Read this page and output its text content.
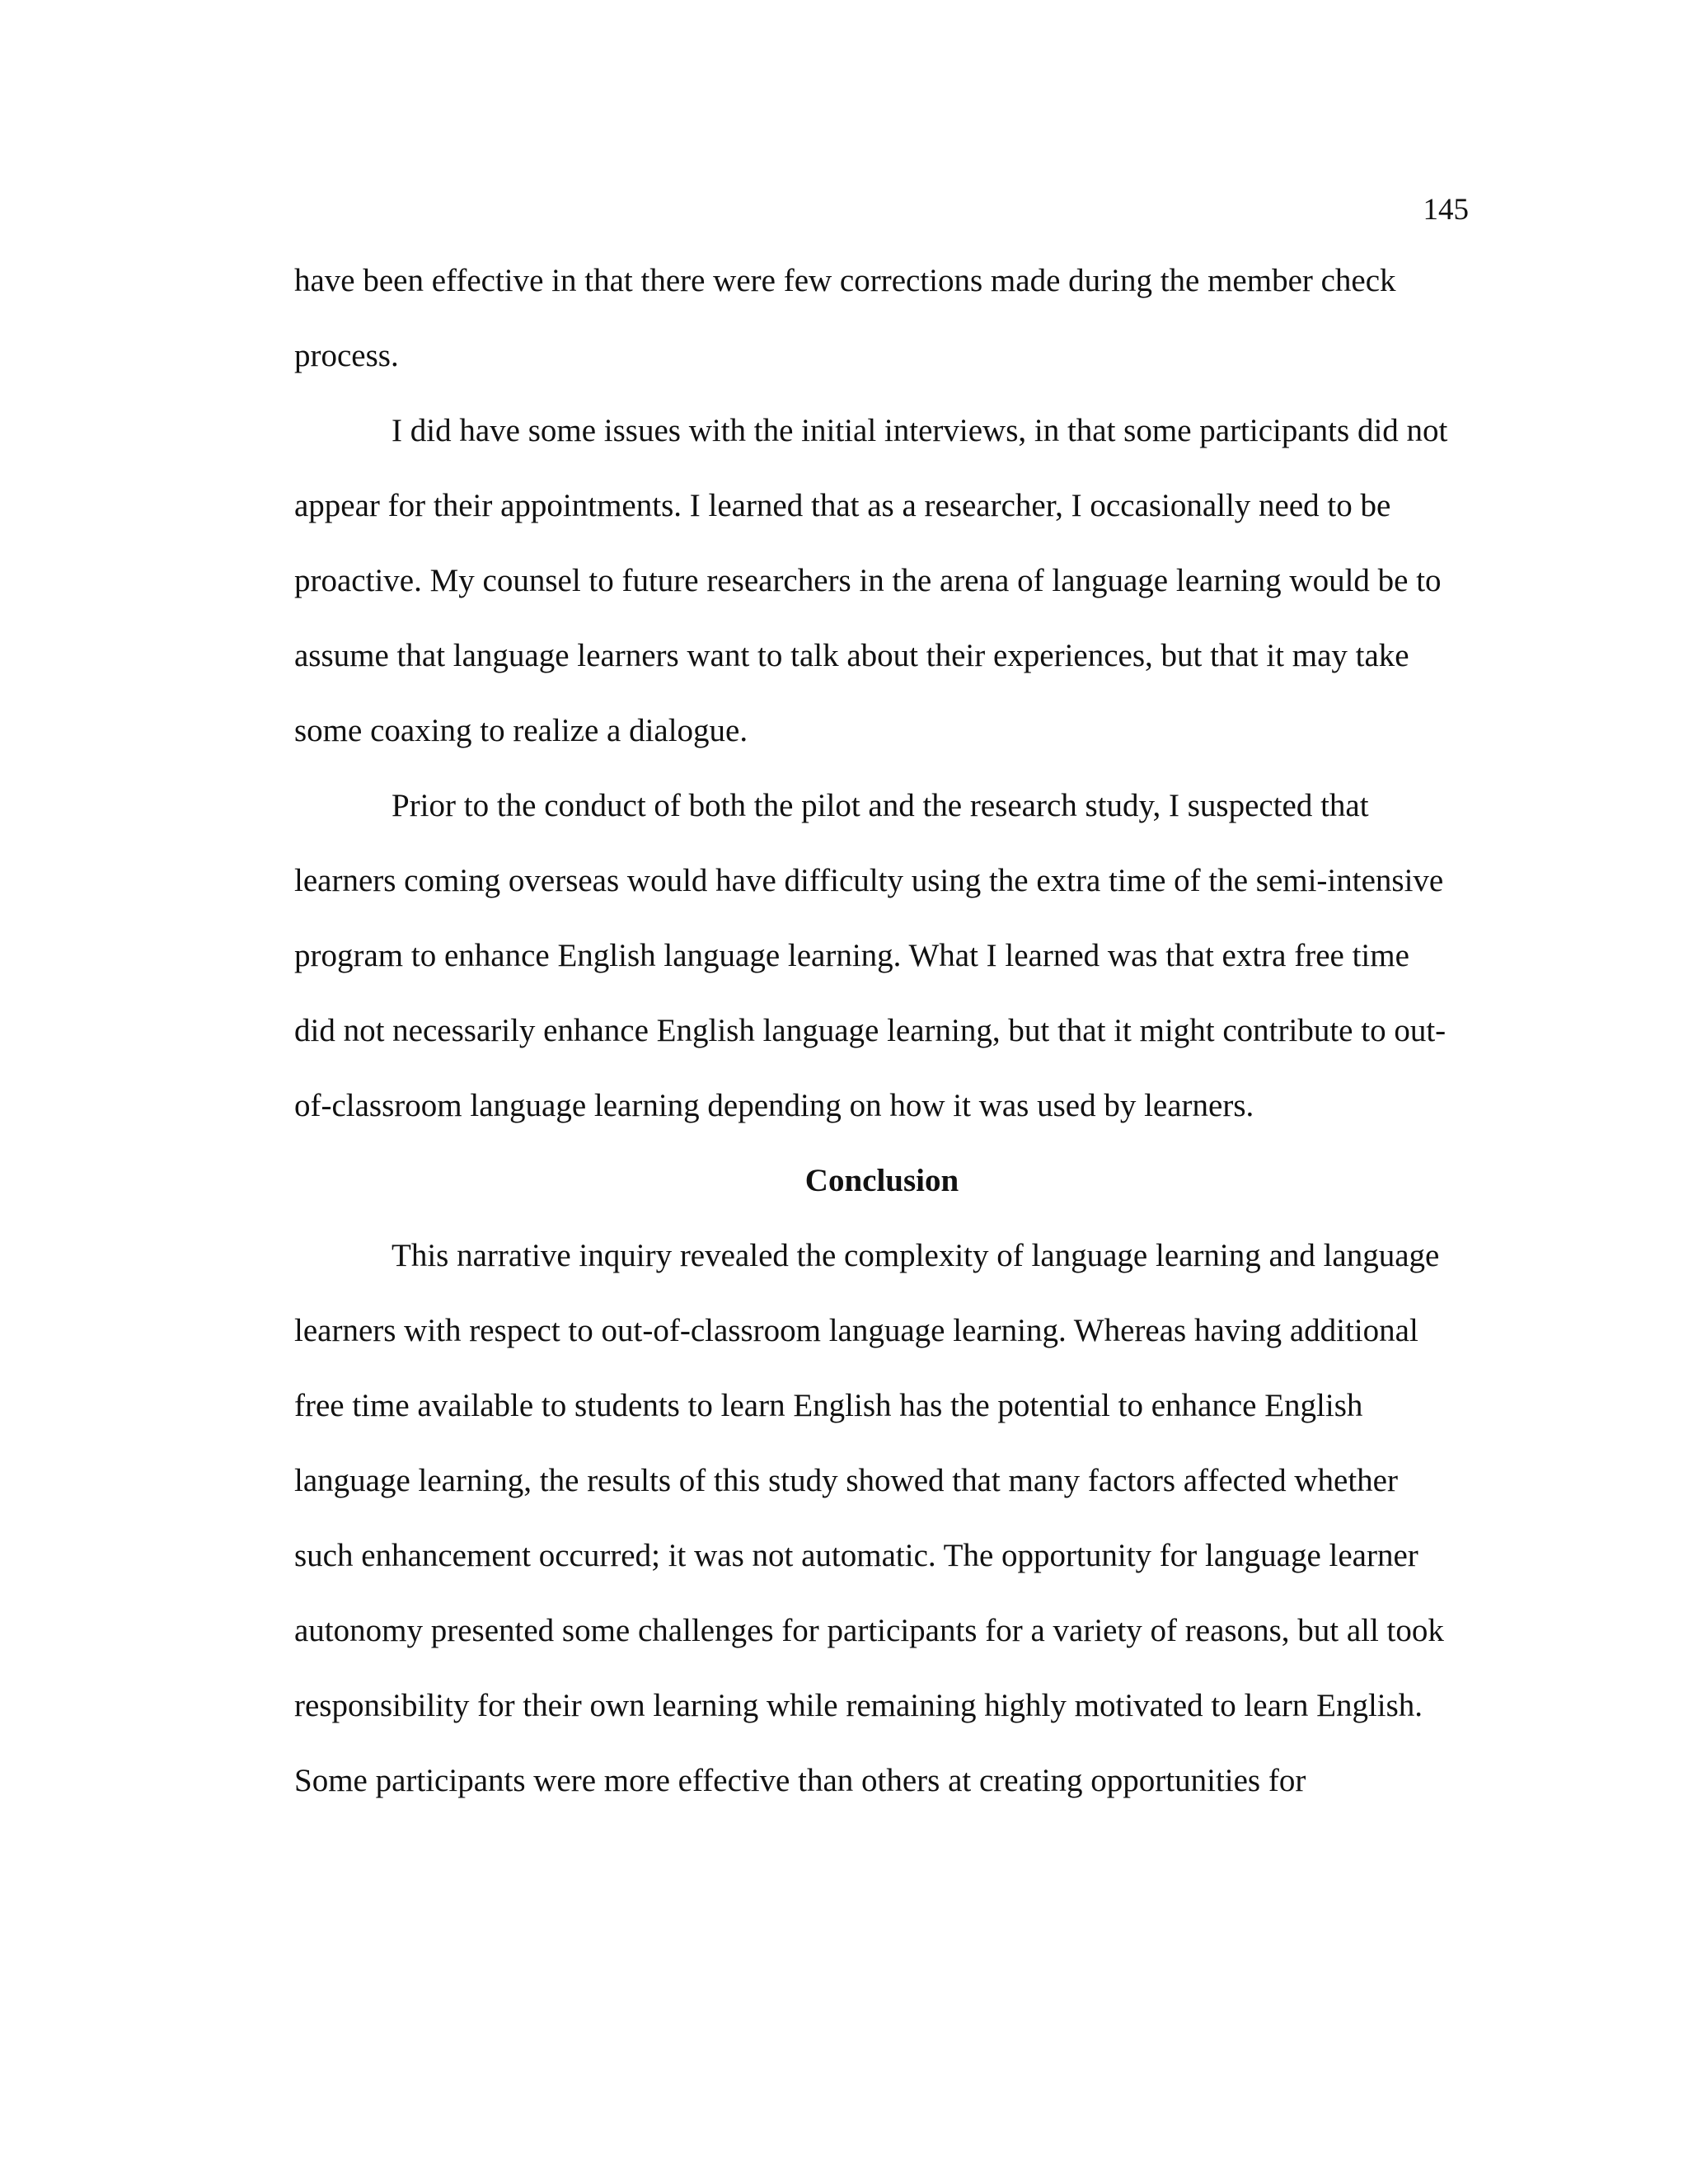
145
have been effective in that there were few corrections made during the member check
process.
I did have some issues with the initial interviews, in that some participants did not
appear for their appointments. I learned that as a researcher, I occasionally need to be
proactive. My counsel to future researchers in the arena of language learning would be to
assume that language learners want to talk about their experiences, but that it may take
some coaxing to realize a dialogue.
Prior to the conduct of both the pilot and the research study, I suspected that
learners coming overseas would have difficulty using the extra time of the semi-intensive
program to enhance English language learning. What I learned was that extra free time
did not necessarily enhance English language learning, but that it might contribute to out-
of-classroom language learning depending on how it was used by learners.
Conclusion
This narrative inquiry revealed the complexity of language learning and language
learners with respect to out-of-classroom language learning. Whereas having additional
free time available to students to learn English has the potential to enhance English
language learning, the results of this study showed that many factors affected whether
such enhancement occurred; it was not automatic. The opportunity for language learner
autonomy presented some challenges for participants for a variety of reasons, but all took
responsibility for their own learning while remaining highly motivated to learn English.
Some participants were more effective than others at creating opportunities for
